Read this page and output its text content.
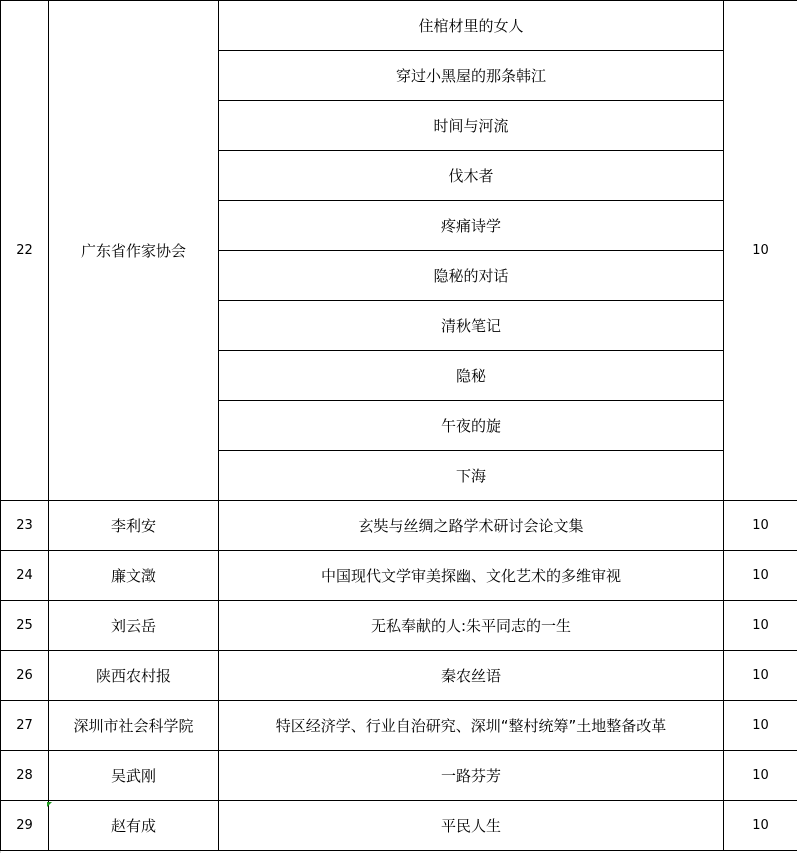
22	广东省作家协会	住棺材里的女人	10
		穿过小黑屋的那条韩江	
		时间与河流	
		伐木者	
		疼痛诗学	
		隐秘的对话	
		清秋笔记	
		隐秘	
		午夜的旋	
		下海	
23	李利安	玄奘与丝绸之路学术研讨会论文集	10
24	廉文澂	中国现代文学审美探幽、文化艺术的多维审视	10
25	刘云岳	无私奉献的人:朱平同志的一生	10
26	陕西农村报	秦农丝语	10
27	深圳市社会科学院	特区经济学、行业自治研究、深圳“整村统筹”土地整备改革	10
28	吴武刚	一路芬芳	10
29	赵有成	平民人生	10
